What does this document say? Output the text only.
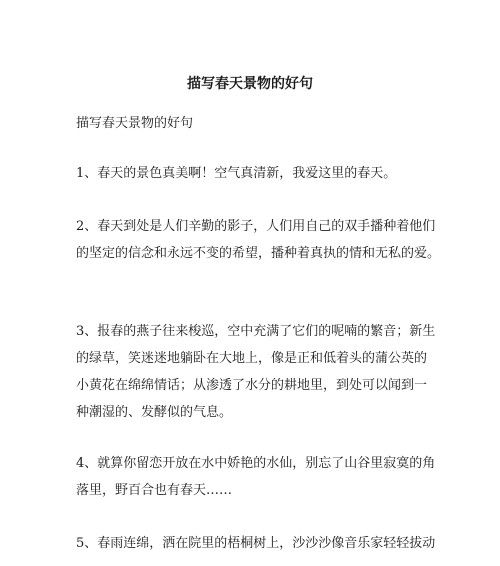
描写春天景物的好句
描写春天景物的好句
1、春天的景色真美啊！空气真清新，我爱这里的春天。
2、春天到处是人们辛勤的影子，人们用自己的双手播种着他们
的坚定的信念和永远不变的希望，播种着真执的情和无私的爱。
3、报春的燕子往来梭巡，空中充满了它们的呢喃的繁音；新生
的绿草，笑迷迷地躺卧在大地上，像是正和低着头的蒲公英的
小黄花在绵绵情话；从渗透了水分的耕地里，到处可以闻到一
种潮湿的、发酵似的气息。
4、就算你留恋开放在水中娇艳的水仙，别忘了山谷里寂寞的角
落里，野百合也有春天……
5、春雨连绵，洒在院里的梧桐树上，沙沙沙像音乐家轻轻拔动
